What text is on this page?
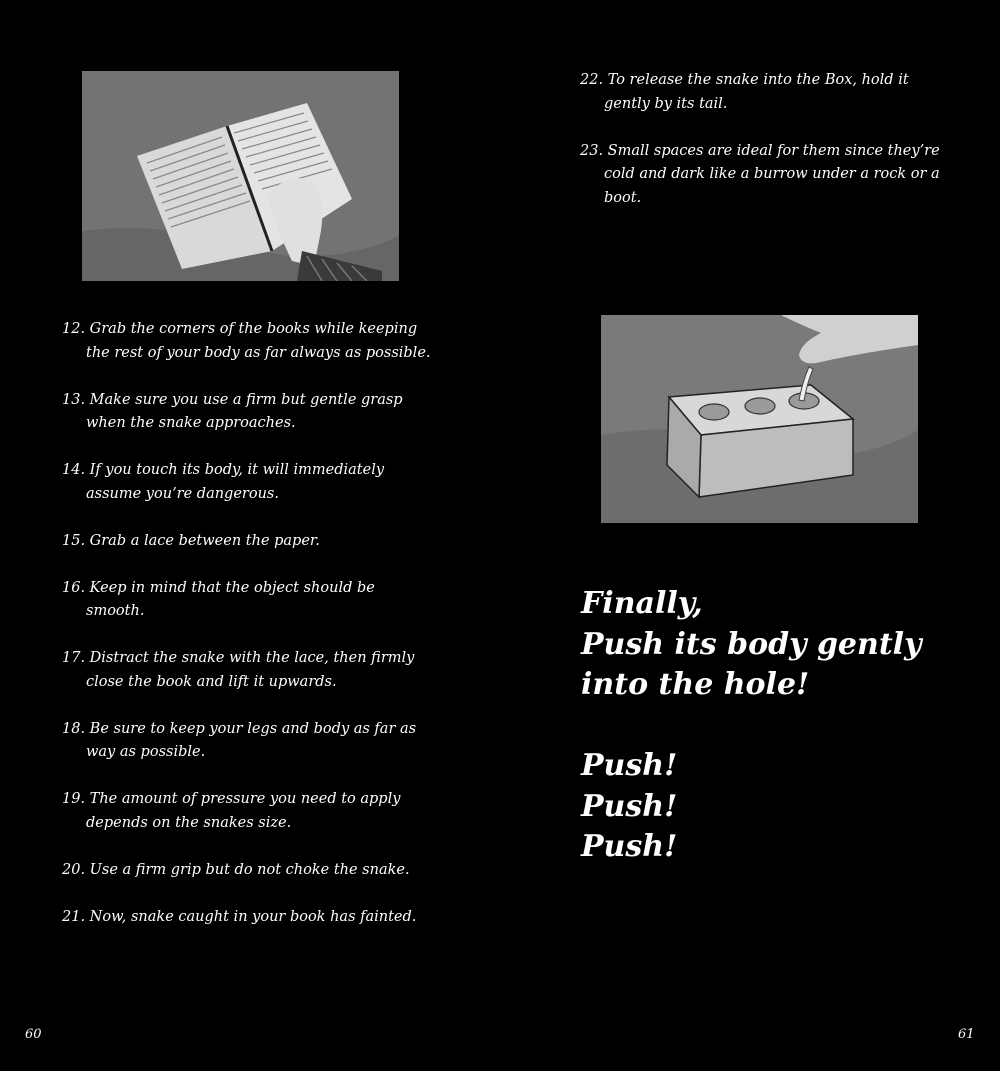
12. Grab the corners of the books while keeping the rest of your body as far always as possible.
13. Make sure you use a firm but gentle grasp when the snake approaches.
14. If you touch its body, it will immediately assume you’re dangerous.
15. Grab a lace between the paper.
16. Keep in mind that the object should be smooth.
17. Distract the snake with the lace, then firmly close the book and lift it upwards.
18. Be sure to keep your legs and body as far as way as possible.
19. The amount of pressure you need to apply depends on the snakes size.
20. Use a firm grip but do not choke the snake.
21. Now, snake caught in your book has fainted.
60
22. To release the snake into the Box, hold it gently by its tail.
23. Small spaces are ideal for them since they’re cold and dark like a burrow under a rock or a boot.
Finally,
Push its body gently
into the hole!
Push!
Push!
Push!
61
